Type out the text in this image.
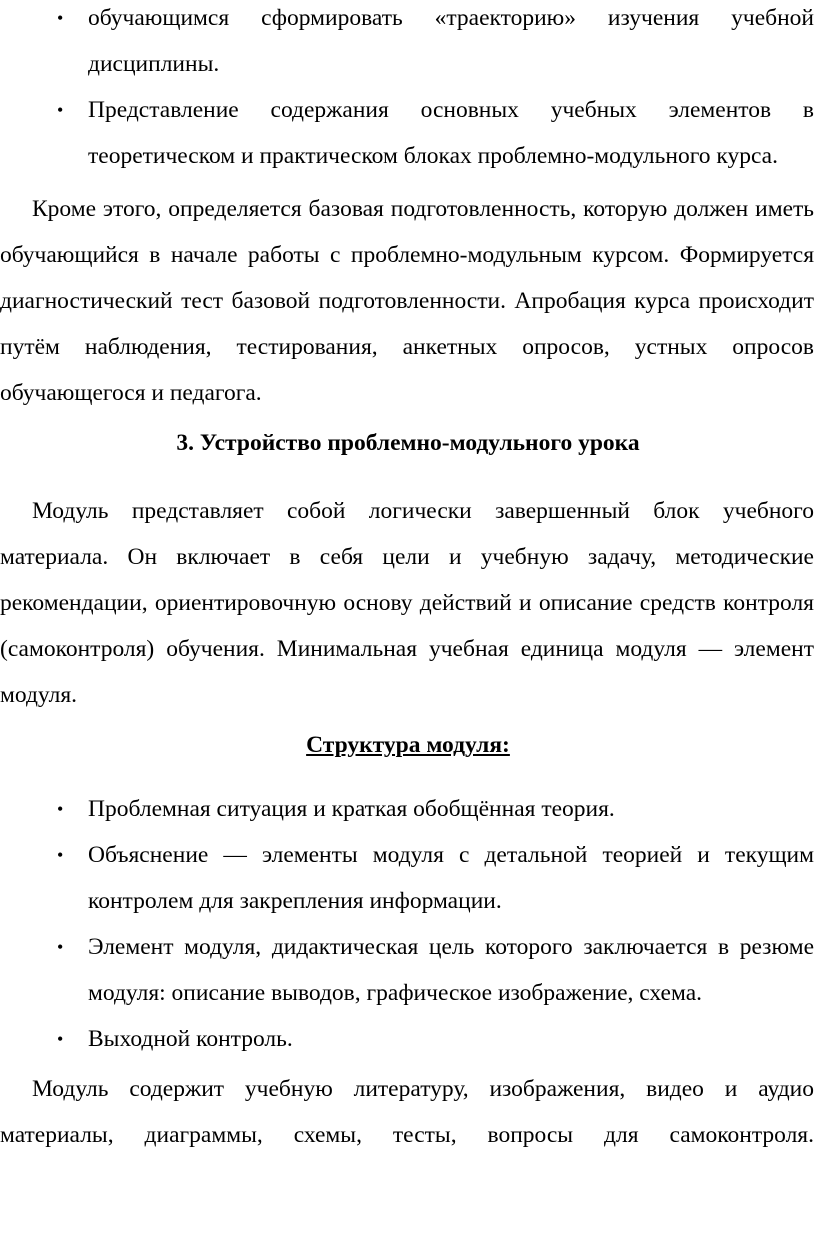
• обучающимся сформировать «траекторию» изучения учебной дисциплины.
• Представление содержания основных учебных элементов в теоретическом и практическом блоках проблемно-модульного курса.

Кроме этого, определяется базовая подготовленность, которую должен иметь обучающийся в начале работы с проблемно-модульным курсом. Формируется диагностический тест базовой подготовленности. Апробация курса происходит путём наблюдения, тестирования, анкетных опросов, устных опросов обучающегося и педагога.

3. Устройство проблемно-модульного урока

Модуль представляет собой логически завершенный блок учебного материала. Он включает в себя цели и учебную задачу, методические рекомендации, ориентировочную основу действий и описание средств контроля (самоконтроля) обучения. Минимальная учебная единица модуля — элемент модуля.

Структура модуля:
• Проблемная ситуация и краткая обобщённая теория.
• Объяснение — элементы модуля с детальной теорией и текущим контролем для закрепления информации.
• Элемент модуля, дидактическая цель которого заключается в резюме модуля: описание выводов, графическое изображение, схема.
• Выходной контроль.

Модуль содержит учебную литературу, изображения, видео и аудио материалы, диаграммы, схемы, тесты, вопросы для самоконтроля.
